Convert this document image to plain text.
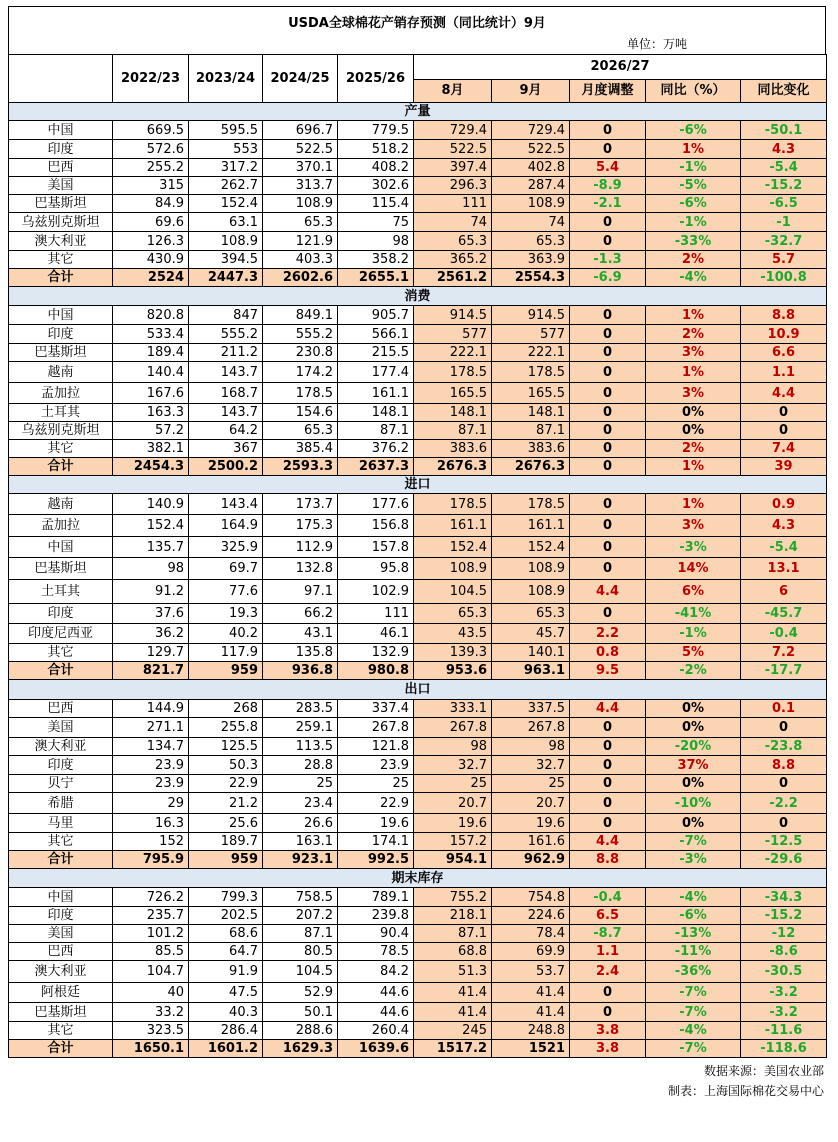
USDA全球棉花产销存预测（同比统计）9月
单位：万吨
	2022/23	2023/24	2024/25	2025/26	2026/27				
					8月	9月	月度调整	同比（%）	同比变化
产量									
中国	669.5	595.5	696.7	779.5	729.4	729.4	0	-6%	-50.1
印度	572.6	553	522.5	518.2	522.5	522.5	0	1%	4.3
巴西	255.2	317.2	370.1	408.2	397.4	402.8	5.4	-1%	-5.4
美国	315	262.7	313.7	302.6	296.3	287.4	-8.9	-5%	-15.2
巴基斯坦	84.9	152.4	108.9	115.4	111	108.9	-2.1	-6%	-6.5
乌兹别克斯坦	69.6	63.1	65.3	75	74	74	0	-1%	-1
澳大利亚	126.3	108.9	121.9	98	65.3	65.3	0	-33%	-32.7
其它	430.9	394.5	403.3	358.2	365.2	363.9	-1.3	2%	5.7
合计	2524	2447.3	2602.6	2655.1	2561.2	2554.3	-6.9	-4%	-100.8
消费									
中国	820.8	847	849.1	905.7	914.5	914.5	0	1%	8.8
印度	533.4	555.2	555.2	566.1	577	577	0	2%	10.9
巴基斯坦	189.4	211.2	230.8	215.5	222.1	222.1	0	3%	6.6
越南	140.4	143.7	174.2	177.4	178.5	178.5	0	1%	1.1
孟加拉	167.6	168.7	178.5	161.1	165.5	165.5	0	3%	4.4
土耳其	163.3	143.7	154.6	148.1	148.1	148.1	0	0%	0
乌兹别克斯坦	57.2	64.2	65.3	87.1	87.1	87.1	0	0%	0
其它	382.1	367	385.4	376.2	383.6	383.6	0	2%	7.4
合计	2454.3	2500.2	2593.3	2637.3	2676.3	2676.3	0	1%	39
进口									
越南	140.9	143.4	173.7	177.6	178.5	178.5	0	1%	0.9
孟加拉	152.4	164.9	175.3	156.8	161.1	161.1	0	3%	4.3
中国	135.7	325.9	112.9	157.8	152.4	152.4	0	-3%	-5.4
巴基斯坦	98	69.7	132.8	95.8	108.9	108.9	0	14%	13.1
土耳其	91.2	77.6	97.1	102.9	104.5	108.9	4.4	6%	6
印度	37.6	19.3	66.2	111	65.3	65.3	0	-41%	-45.7
印度尼西亚	36.2	40.2	43.1	46.1	43.5	45.7	2.2	-1%	-0.4
其它	129.7	117.9	135.8	132.9	139.3	140.1	0.8	5%	7.2
合计	821.7	959	936.8	980.8	953.6	963.1	9.5	-2%	-17.7
出口									
巴西	144.9	268	283.5	337.4	333.1	337.5	4.4	0%	0.1
美国	271.1	255.8	259.1	267.8	267.8	267.8	0	0%	0
澳大利亚	134.7	125.5	113.5	121.8	98	98	0	-20%	-23.8
印度	23.9	50.3	28.8	23.9	32.7	32.7	0	37%	8.8
贝宁	23.9	22.9	25	25	25	25	0	0%	0
希腊	29	21.2	23.4	22.9	20.7	20.7	0	-10%	-2.2
马里	16.3	25.6	26.6	19.6	19.6	19.6	0	0%	0
其它	152	189.7	163.1	174.1	157.2	161.6	4.4	-7%	-12.5
合计	795.9	959	923.1	992.5	954.1	962.9	8.8	-3%	-29.6
期末库存									
中国	726.2	799.3	758.5	789.1	755.2	754.8	-0.4	-4%	-34.3
印度	235.7	202.5	207.2	239.8	218.1	224.6	6.5	-6%	-15.2
美国	101.2	68.6	87.1	90.4	87.1	78.4	-8.7	-13%	-12
巴西	85.5	64.7	80.5	78.5	68.8	69.9	1.1	-11%	-8.6
澳大利亚	104.7	91.9	104.5	84.2	51.3	53.7	2.4	-36%	-30.5
阿根廷	40	47.5	52.9	44.6	41.4	41.4	0	-7%	-3.2
巴基斯坦	33.2	40.3	50.1	44.6	41.4	41.4	0	-7%	-3.2
其它	323.5	286.4	288.6	260.4	245	248.8	3.8	-4%	-11.6
合计	1650.1	1601.2	1629.3	1639.6	1517.2	1521	3.8	-7%	-118.6
数据来源：美国农业部
制表：上海国际棉花交易中心
